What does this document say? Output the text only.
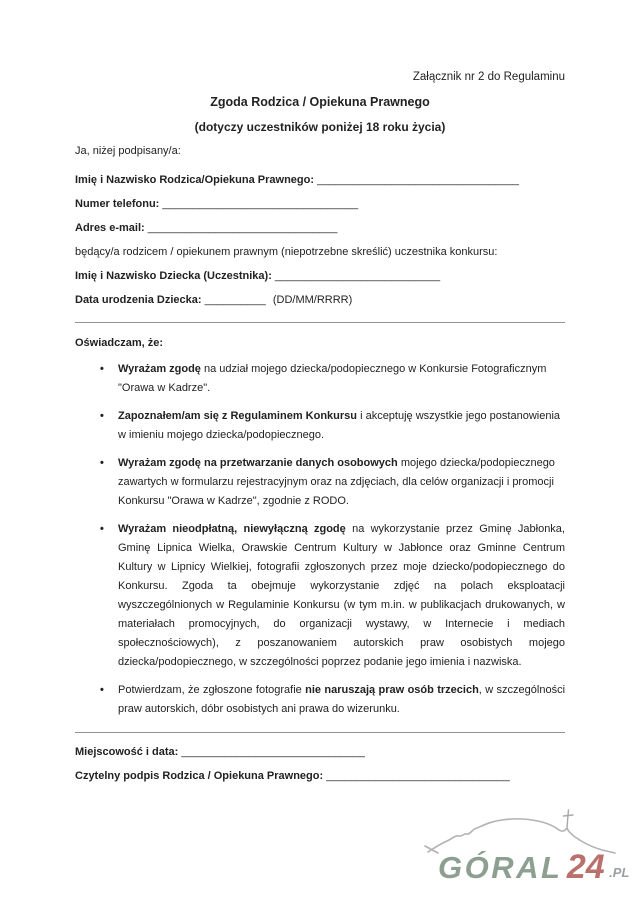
Załącznik nr 2 do Regulaminu
Zgoda Rodzica / Opiekuna Prawnego
(dotyczy uczestników poniżej 18 roku życia)
Ja, niżej podpisany/a:
Imię i Nazwisko Rodzica/Opiekuna Prawnego: _________________________________
Numer telefonu: ________________________________
Adres e-mail: _______________________________
będący/a rodzicem / opiekunem prawnym (niepotrzebne skreślić) uczestnika konkursu:
Imię i Nazwisko Dziecka (Uczestnika): ___________________________
Data urodzenia Dziecka: __________ (DD/MM/RRRR)
Oświadczam, że:
• Wyrażam zgodę na udział mojego dziecka/podopiecznego w Konkursie Fotograficznym "Orawa w Kadrze".
• Zapoznałem/am się z Regulaminem Konkursu i akceptuję wszystkie jego postanowienia w imieniu mojego dziecka/podopiecznego.
• Wyrażam zgodę na przetwarzanie danych osobowych mojego dziecka/podopiecznego zawartych w formularzu rejestracyjnym oraz na zdjęciach, dla celów organizacji i promocji Konkursu "Orawa w Kadrze", zgodnie z RODO.
• Wyrażam nieodpłatną, niewyłączną zgodę na wykorzystanie przez Gminę Jabłonka, Gminę Lipnica Wielka, Orawskie Centrum Kultury w Jabłonce oraz Gminne Centrum Kultury w Lipnicy Wielkiej, fotografii zgłoszonych przez moje dziecko/podopiecznego do Konkursu. Zgoda ta obejmuje wykorzystanie zdjęć na polach eksploatacji wyszczególnionych w Regulaminie Konkursu (w tym m.in. w publikacjach drukowanych, w materiałach promocyjnych, do organizacji wystawy, w Internecie i mediach społecznościowych), z poszanowaniem autorskich praw osobistych mojego dziecka/podopiecznego, w szczególności poprzez podanie jego imienia i nazwiska.
• Potwierdzam, że zgłoszone fotografie nie naruszają praw osób trzecich, w szczególności praw autorskich, dóbr osobistych ani prawa do wizerunku.
Miejscowość i data: ______________________________
Czytelny podpis Rodzica / Opiekuna Prawnego: ______________________________
GÓRAL 24 .PL
